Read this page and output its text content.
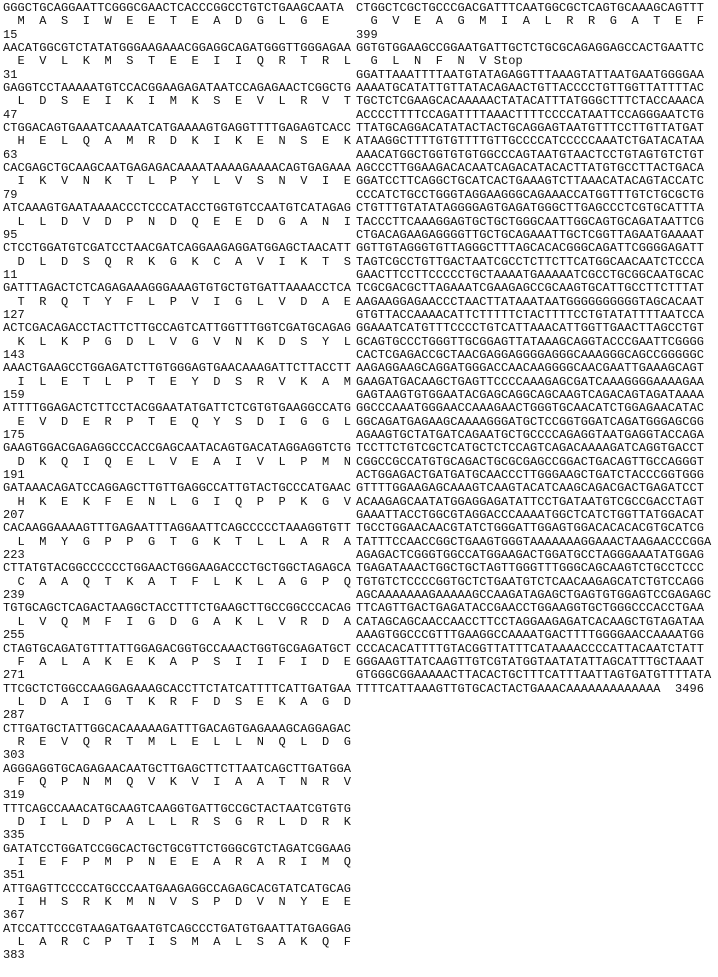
GGGCTGCAGGAATTCGGGCGAACTCACCCGGCCTGTCTGAAGCAATA
M  A  S  I  W  E  E  T  E  A  D  G  L  G  E
15
AACATGGCGTCTATATGGGAAGAAACGGAGGCAGATGGGTTGGGAGAA
E  V  L  K  M  S  T  E  E  I  I  Q  R  T  R  L
31
GAGGTCCTAAAAATGTCCACGGAAGAGATAATCCAGAGAACTCGGCTG
L  D  S  E  I  K  I  M  K  S  E  V  L  R  V  T
47
CTGGACAGTGAAATCAAAATCATGAAAAGTGAGGTTTTGAGAGTCACC
H  E  L  Q  A  M  R  D  K  I  K  E  N  S  E  K
63
CACGAGCTGCAAGCAATGAGAGACAAAATAAAAGAAAACAGTGAGAAA
I  K  V  N  K  T  L  P  Y  L  V  S  N  V  I  E
79
ATCAAAGTGAATAAAACCCTCCCATACCTGGTGTCCAATGTCATAGAG
L  L  D  V  D  P  N  D  Q  E  E  D  G  A  N  I
95
CTCCTGGATGTCGATCCTAACGATCAGGAAGAGGATGGAGCTAACATT
D  L  D  S  Q  R  K  G  K  C  A  V  I  K  T  S
11
GATTTAGACTCTCAGAGAAAGGGAAAGTGTGCTGTGATTAAAACCTCA
T  R  Q  T  Y  F  L  P  V  I  G  L  V  D  A  E
127
ACTCGACAGACCTACTTCTTGCCAGTCATTGGTTTGGTCGATGCAGAG
K  L  K  P  G  D  L  V  G  V  N  K  D  S  Y  L
143
AAACTGAAGCCTGGAGATCTTGTGGGAGTGAACAAAGATTCTTACCTT
I  L  E  T  L  P  T  E  Y  D  S  R  V  K  A  M
159
ATTTTGGAGACTCTTCCTACGGAATATGATTCTCGTGTGAAGGCCATG
E  V  D  E  R  P  T  E  Q  Y  S  D  I  G  G  L
175
GAAGTGGACGAGAGGCCCACCGAGCAATACAGTGACATAGGAGGTCTG
D  K  Q  I  Q  E  L  V  E  A  I  V  L  P  M  N
191
GATAAACAGATCCAGGAGCTTGTTGAGGCCATTGTACTGCCCATGAAC
H  K  E  K  F  E  N  L  G  I  Q  P  P  K  G  V
207
CACAAGGAAAAGTTTGAGAATTTAGGAATTCAGCCCCCTAAAGGTGTT
L  M  Y  G  P  P  G  T  G  K  T  L  L  A  R  A
223
CTTATGTACGGCCCCCCTGGAACTGGGAAGACCCTGCTGGCTAGAGCA
C  A  A  Q  T  K  A  T  F  L  K  L  A  G  P  Q
239
TGTGCAGCTCAGACTAAGGCTACCTTTCTGAAGCTTGCCGGCCCACAG
L  V  Q  M  F  I  G  D  G  A  K  L  V  R  D  A
255
CTAGTGCAGATGTTTATTGGAGACGGTGCCAAACTGGTGCGAGATGCT
F  A  L  A  K  E  K  A  P  S  I  I  F  I  D  E
271
TTCGCTCTGGCCAAGGAGAAAGCACCTTCTATCATTTTCATTGATGAA
L  D  A  I  G  T  K  R  F  D  S  E  K  A  G  D
287
CTTGATGCTATTGGCACAAAAAGATTTGACAGTGAGAAAGCAGGAGAC
R  E  V  Q  R  T  M  L  E  L  L  N  Q  L  D  G
303
AGGGAGGTGCAGAGAACAATGCTTGAGCTTCTTAATCAGCTTGATGGA
F  Q  P  N  M  Q  V  K  V  I  A  A  T  N  R  V
319
TTTCAGCCAAACATGCAAGTCAAGGTGATTGCCGCTACTAATCGTGTG
D  I  L  D  P  A  L  L  R  S  G  R  L  D  R  K
335
GATATCCTGGATCCGGCACTGCTGCGTTCTGGGCGTCTAGATCGGAAG
I  E  F  P  M  P  N  E  E  A  R  A  R  I  M  Q
351
ATTGAGTTCCCCATGCCCAATGAAGAGGCCAGAGCACGTATCATGCAG
I  H  S  R  K  M  N  V  S  P  D  V  N  Y  E  E
367
ATCCATTCCCGTAAGATGAATGTCAGCCCTGATGTGAATTATGAGGAG
L  A  R  C  P  T  I  S  M  A  L  S  A  K  Q  F
383
CTGGCTCGCTGCCCGACGATTTCAATGGCGCTCAGTGCAAAGCAGTTT
G  V  E  A  G  M  I  A  L  R  R  G  A  T  E  F
399
GGTGTGGAAGCCGGAATGATTGCTCTGCGCAGAGGAGCCACTGAATTC
G  L  N  F  N  V Stop
GGATTAAATTTTAATGTATAGAGGTTTAAAGTATTAATGAATGGGGAA
AAAATGCATATTGTTATACAGAACTGTTACCCCTGTTGGTTATTTTAC
TGCTCTCGAAGCACAAAAACTATACATTTATGGGCTTTCTACCAAACA
ACCCCTTTTCCAGATTTTAAACTTTTCCCCATAATTCCAGGGAATCTG
TTATGCAGGACATATACTACTGCAGGAGTAATGTTTCCTTGTTATGAT
ATAAGGCTTTTGTGTTTTGTTGCCCCATCCCCCAAATCTGATACATAA
AAACATGGCTGGTGTGTGGCCCAGTAATGTAACTCCTGTAGTGTCTGT
AGCCCTTGGAAGACACAATCAGACATACACTTATGTGCCTTACTGACA
GGATCCTTCAGGCTGCATCACTGAAAGTCTTAAACATACAGTACCATC
CCCATCTGCCTGGGTAGGAAGGGCAGAAACCATGGTTTGTCTGCGCTG
CTGTTTGTATATAGGGGAGTGAGATGGGCTTGAGCCCTCGTGCATTTA
TACCCTTCAAAGGAGTGCTGCTGGGCAATTGGCAGTGCAGATAATTCG
CTGACAGAAGAGGGGTTGCTGCAGAAATTGCTCGGTTAGAATGAAAAT
GGTTGTAGGGTGTTAGGGCTTTAGCACACGGGCAGATTCGGGGAGATT
TAGTCGCCTGTTGACTAATCGCCTCTTCTTCATGGCAACAATCTCCCA
GAACTTCCTTCCCCCTGCTAAAATGAAAAATCGCCTGCGGCAATGCAC
TCGCGACGCTTAGAAATCGAAGAGCCGCAAGTGCATTGCCTTCTTTAT
AAGAAGGAGAACCCTAACTTATAAATAATGGGGGGGGGGTAGCACAAT
GTGTTACCAAAACATTCTTTTTCTACTTTTCCTGTATATTTTAATCCA
GGAAATCATGTTTCCCCTGTCATTAAACATTGGTTGAACTTAGCCTGT
GCAGTGCCCTGGGTTGCGGAGTTATAAAGCAGGTACCCGAATTCGGGG
CACTCGAGACCGCTAACGAGGAGGGGAGGGCAAAGGGCAGCCGGGGGC
AAGAGGAAGCAGGATGGGACCAACAAGGGGCAACGAATTGAAAGCAGT
GAAGATGACAAGCTGAGTTCCCCAAAGAGCGATCAAAGGGGAAAAGAA
GAGTAAGTGTGGAATACGAGCAGGCAGCAAGTCAGACAGTAGATAAAA
GGCCCAAATGGGAACCAAAGAACTGGGTGCAACATCTGGAGAACATAC
GGCAGATGAGAAGCAAAAGGGATGCTCCGGTGGATCAGATGGGAGCGG
AGAAGTGCTATGATCAGAATGCTGCCCCAGAGGTAATGAGGTACCAGA
TCCTTCTGTCGCTCATGCTCTCCAGTCAGACAAAAGATCAGGTGACCT
CGGCCGCCATGTGCAGACTGCGCGAGCCGGACTGACAGTTGCCAGGGT
ACTGGAGACTGATGATGCAACCCTTGGGAAGCTGATCTACCCGGTGGG
GTTTTGGAAGAGCAAAGTCAAGTACATCAAGCAGACGACTGAGATCCT
ACAAGAGCAATATGGAGGAGATATTCCTGATAATGTCGCCGACCTAGT
GAAATTACCTGGCGTAGGACCCAAAATGGCTCATCTGGTTATGGACAT
TGCCTGGAACAACGTATCTGGGATTGGAGTGGACACACACGTGCATCG
TATTTCCAACCGGCTGAAGTGGGTAAAAAAAGGAAACTAAGAACCCGGA
AGAGACTCGGGTGGCCATGGAAGACTGGATGCCTAGGGAAATATGGAG
TGAGATAAACTGGCTGCTAGTTGGGTTTGGGCAGCAAGTCTGCCTCCC
TGTGTCTCCCCGGTGCTCTGAATGTCTCAACAAGAGCATCTGTCCAGG
AGCAAAAAAAGAAAAAGCCAAGATAGAGCTGAGTGTGGAGTCCGAGAGC
TTCAGTTGACTGAGATACCGAACCTGGAAGGTGCTGGGCCCACCTGAA
CATAGCAGCAACCAACCTTCCTAGGAAGAGATCACAAGCTGTAGATAA
AAAGTGGCCCGTTTGAAGGCCAAAATGACTTTTGGGGAACCAAAATGG
CCCACACATTTTGTACGGTTATTTCATAAAACCCCATTACAATCTATT
GGGAAGTTATCAAGTTGTCGTATGGTAATATATTAGCATTTGCTAAAT
GTGGGCGGAAAAACTTACACTGCTTTCATTTAATTAGTGATGTTTTATA
TTTTCATTAAAGTTGTGCACTACTGAAACAAAAAAAAAAAAA  3496
